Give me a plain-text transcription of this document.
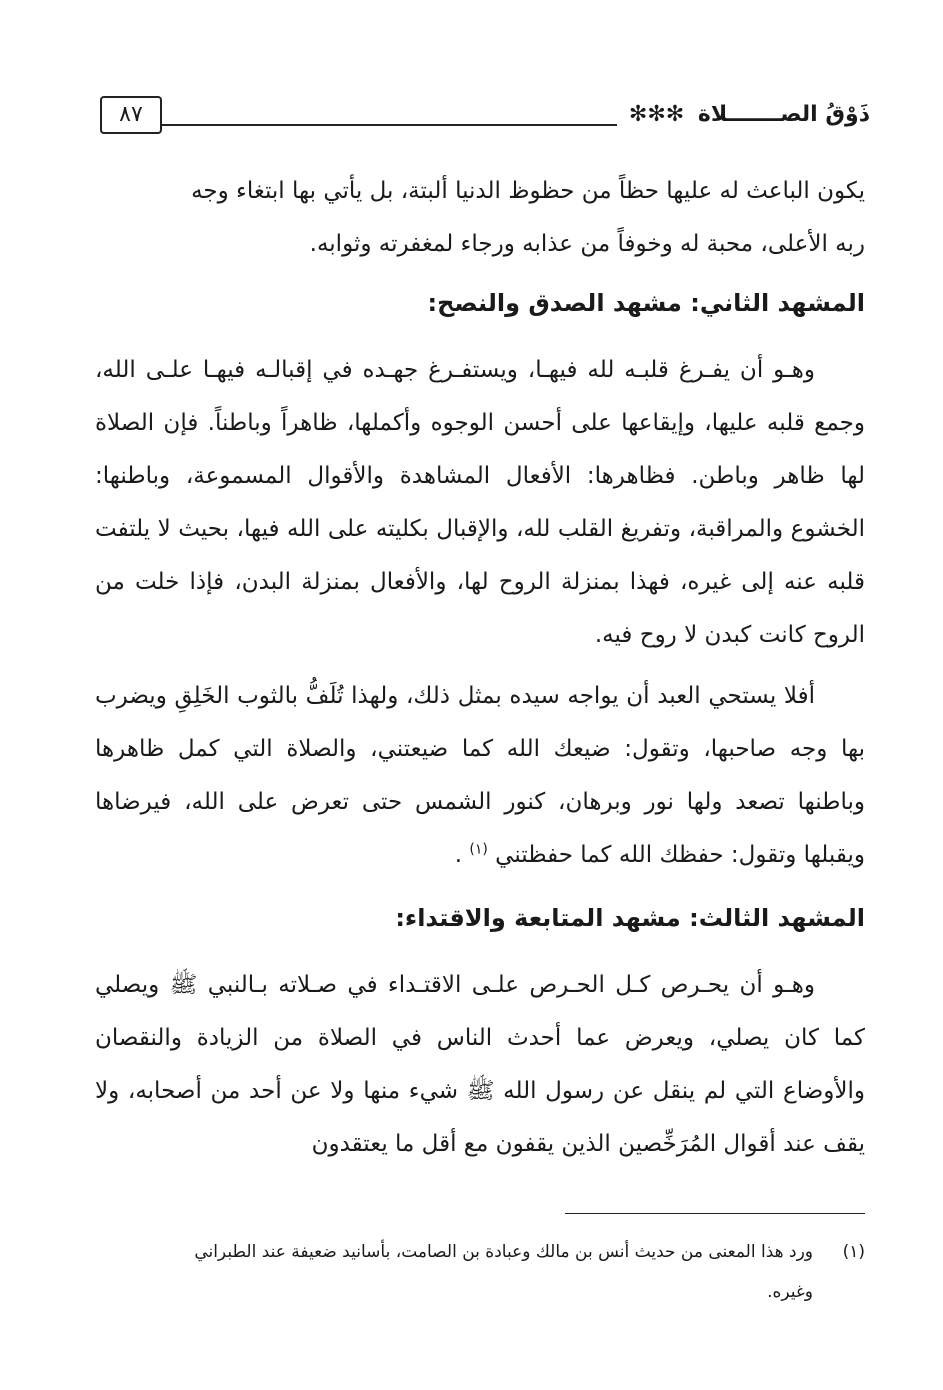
ذَوْقُ الصـــــــلاة ✻✻✻
٨٧

يكون الباعث له عليها حظاً من حظوظ الدنيا ألبتة، بل يأتي بها ابتغاء وجه

ربه الأعلى، محبة له وخوفاً من عذابه ورجاء لمغفرته وثوابه.

المشهد الثاني: مشهد الصدق والنصح:

وهـو أن يفـرغ قلبـه لله فيهـا، ويستفـرغ جهـده في إقبالـه فيهـا علـى الله، وجمع قلبه عليها، وإيقاعها على أحسن الوجوه وأكملها، ظاهراً وباطناً. فإن الصلاة لها ظاهر وباطن. فظاهرها: الأفعال المشاهدة والأقوال المسموعة، وباطنها: الخشوع والمراقبة، وتفريغ القلب لله، والإقبال بكليته على الله فيها، بحيث لا يلتفت قلبه عنه إلى غيره، فهذا بمنزلة الروح لها، والأفعال بمنزلة البدن، فإذا خلت من الروح كانت كبدن لا روح فيه.

أفلا يستحي العبد أن يواجه سيده بمثل ذلك، ولهذا تُلَفُّ بالثوب الخَلِقِ ويضرب بها وجه صاحبها، وتقول: ضيعك الله كما ضيعتني، والصلاة التي كمل ظاهرها وباطنها تصعد ولها نور وبرهان، كنور الشمس حتى تعرض على الله، فيرضاها ويقبلها وتقول: حفظك الله كما حفظتني $^{(١)}$ .

المشهد الثالث: مشهد المتابعة والاقتداء:

وهـو أن يحـرص كـل الحـرص علـى الاقتـداء في صـلاته بـالنبي ﷺ ويصلي كما كان يصلي، ويعرض عما أحدث الناس في الصلاة من الزيادة والنقصان والأوضاع التي لم ينقل عن رسول الله ﷺ شيء منها ولا عن أحد من أصحابه، ولا يقف عند أقوال المُرَخِّصين الذين يقفون مع أقل ما يعتقدون

(١)ورد هذا المعنى من حديث أنس بن مالك وعبادة بن الصامت، بأسانيد ضعيفة عند الطبراني
وغيره.
